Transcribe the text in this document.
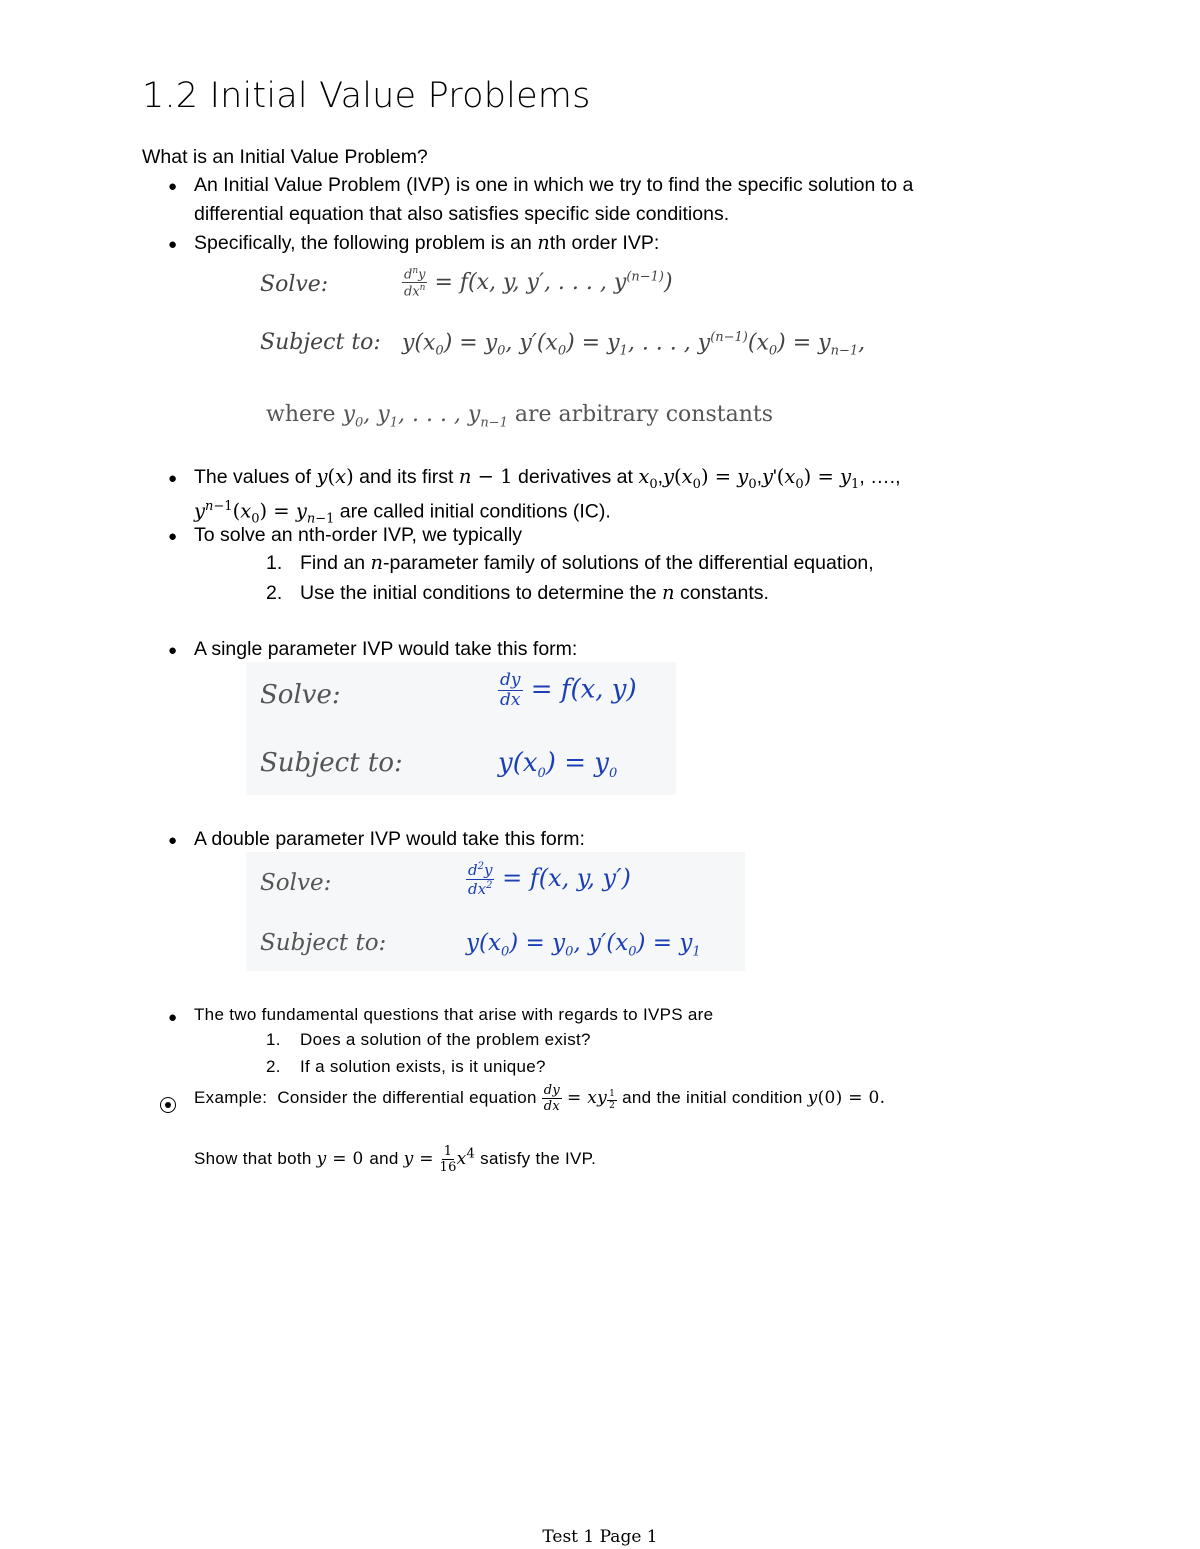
1.2 Initial Value Problems
What is an Initial Value Problem?
● An Initial Value Problem (IVP) is one in which we try to find the specific solution to a
differential equation that also satisfies specific side conditions.
● Specifically, the following problem is an nth order IVP:
Solve:	$\frac{d^ny}{dx^n} = f(x$, y, y′, . . . , $y^{(n-1)}$)
Subject to: $y(x_0) = y_0$, $y'(x_0) = y_1$, . . . , $y^{(n-1)}(x_0) = y_{n-1}$,
where $y_0$, $y_1$, . . . , $y_{n-1}$ are arbitrary constants
● The values of y(x) and its first n − 1 derivatives at $x_0,y(x_0) = y_0,y'(x_0) = y_1$, ….,
$y^{n-1}(x_0) = y_{n-1}$ are called initial conditions (IC).
● To solve an nth-order IVP, we typically
1. Find an n-parameter family of solutions of the differential equation,
2. Use the initial conditions to determine the n constants.
● A single parameter IVP would take this form:
Solve:	$\frac{dy}{dx} = f(x$, y)
Subject to:	$y(x_0) = y_0$
● A double parameter IVP would take this form:
Solve:	$\frac{d^2y}{dx^2} = f(x$, y, y′)
Subject to:	$y(x_0) = y_0$, $y'(x_0) = y_1$
● The two fundamental questions that arise with regards to IVPS are
1. Does a solution of the problem exist?
2. If a solution exists, is it unique?
Example: Consider the differential equation $\frac{dy}{dx}$ = xy $^{\frac{1}{2}}$ and the initial condition y(0) = 0.
Show that both y = 0 and $y = \frac{1}{16} x^4$ satisfy the IVP.
Test 1 Page 1
